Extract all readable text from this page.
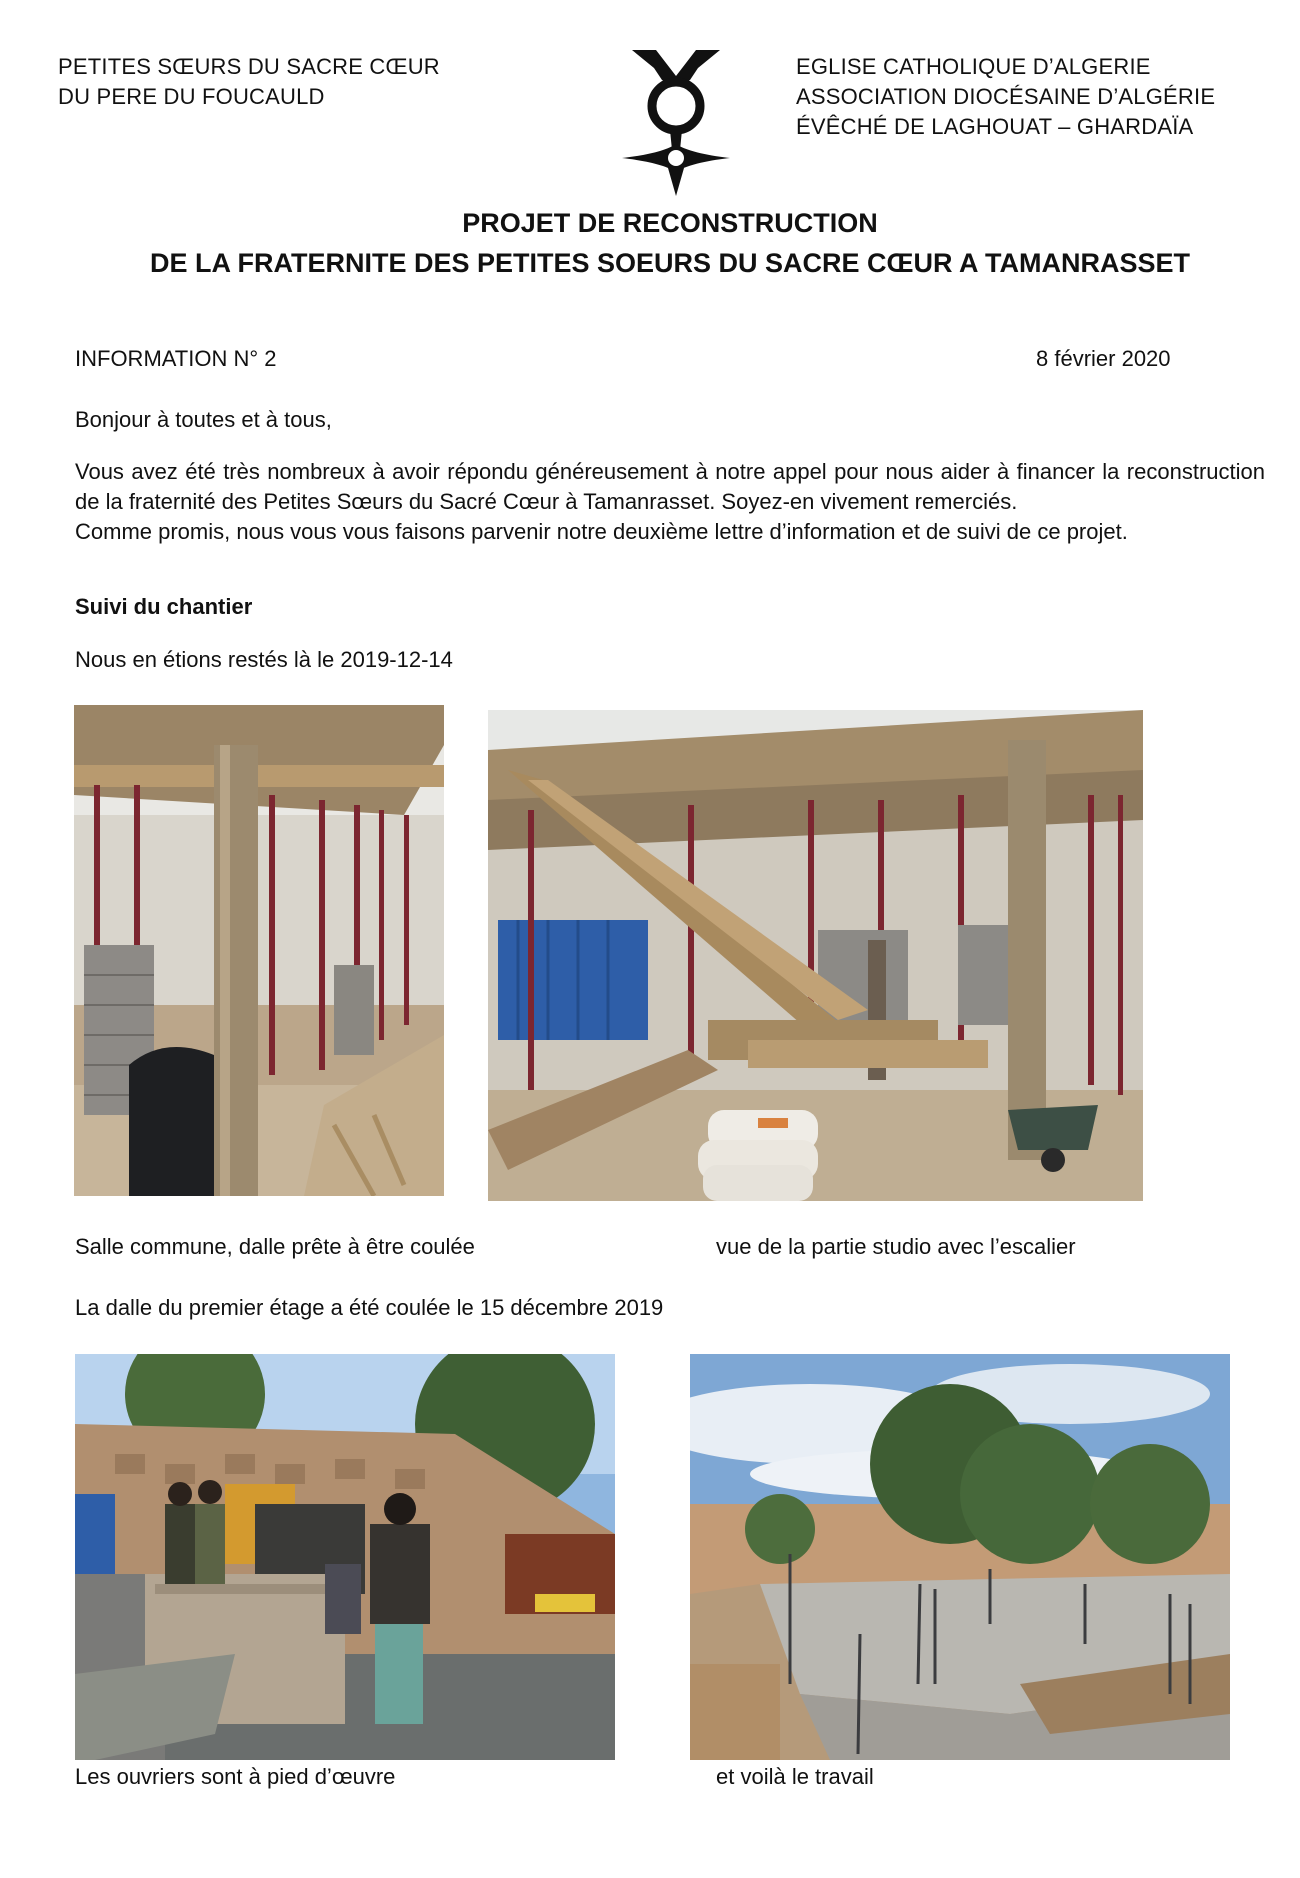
PETITES SŒURS DU SACRE CŒUR
DU PERE DU FOUCAULD
EGLISE CATHOLIQUE D’ALGERIE
ASSOCIATION DIOCÉSAINE D’ALGÉRIE
ÉVÊCHÉ DE LAGHOUAT – GHARDAÏA
PROJET DE RECONSTRUCTION
DE LA FRATERNITE DES PETITES SOEURS DU SACRE CŒUR A TAMANRASSET
INFORMATION N° 2	8 février 2020
Bonjour à toutes et à tous,

Vous avez été très nombreux à avoir répondu généreusement à notre appel pour nous aider à financer la reconstruction de la fraternité des Petites Sœurs du Sacré Cœur à Tamanrasset. Soyez-en vivement remerciés.

Comme promis, nous vous vous faisons parvenir notre deuxième lettre d’information et de suivi de ce projet.

Suivi du chantier
Nous en étions restés là le 2019-12-14
Salle commune, dalle prête à être coulée	vue de la partie studio avec l’escalier
La dalle du premier étage a été coulée le 15 décembre 2019
Les ouvriers sont à pied d’œuvre	et voilà le travail
